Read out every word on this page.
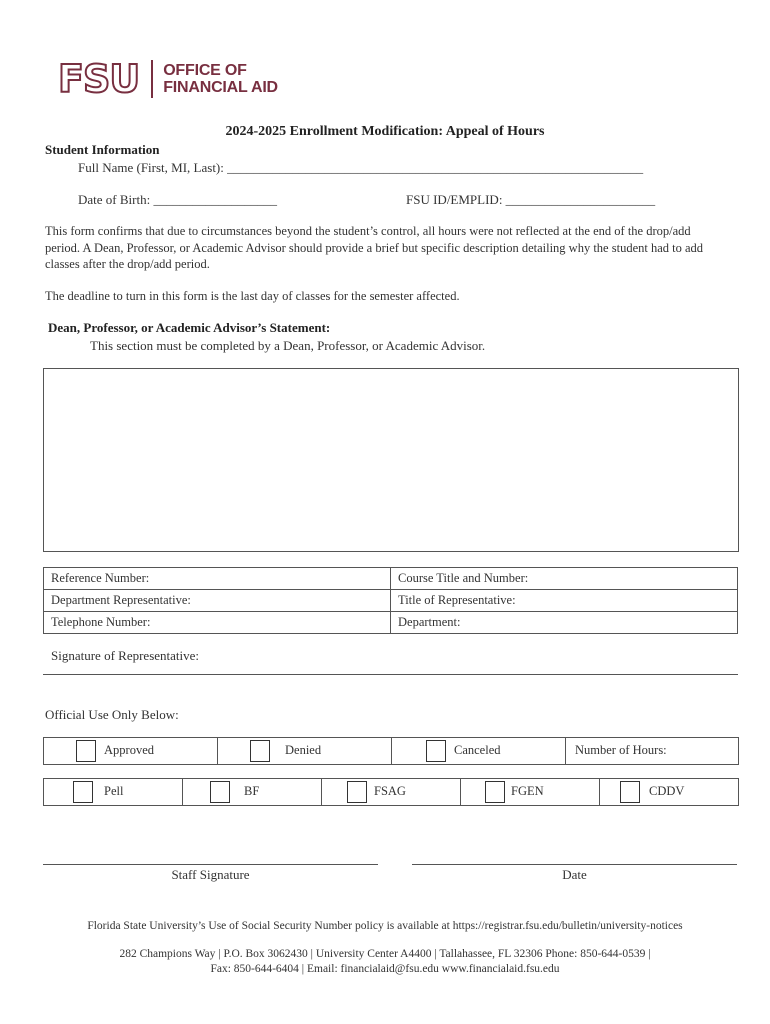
FSU OFFICE OF
FINANCIAL AID
2024-2025 Enrollment Modification: Appeal of Hours
Student Information
Full Name (First, MI, Last): ________________________________________________________________
Date of Birth: ___________________	FSU ID/EMPLID: _______________________
This form confirms that due to circumstances beyond the student’s control, all hours were not reflected at the end of the drop/add period. A Dean, Professor, or Academic Advisor should provide a brief but specific description detailing why the student had to add classes after the drop/add period.
The deadline to turn in this form is the last day of classes for the semester affected.
Dean, Professor, or Academic Advisor’s Statement:
This section must be completed by a Dean, Professor, or Academic Advisor.
Reference Number:	Course Title and Number:
Department Representative:	Title of Representative:
Telephone Number:	Department:
Signature of Representative:
Official Use Only Below:
Approved	Denied	Canceled	Number of Hours:
Pell	BF	FSAG	FGEN	CDDV
Staff Signature	Date
Florida State University’s Use of Social Security Number policy is available at https://registrar.fsu.edu/bulletin/university-notices
282 Champions Way | P.O. Box 3062430 | University Center A4400 | Tallahassee, FL 32306 Phone: 850-644-0539 |
Fax: 850-644-6404 | Email: financialaid@fsu.edu www.financialaid.fsu.edu
